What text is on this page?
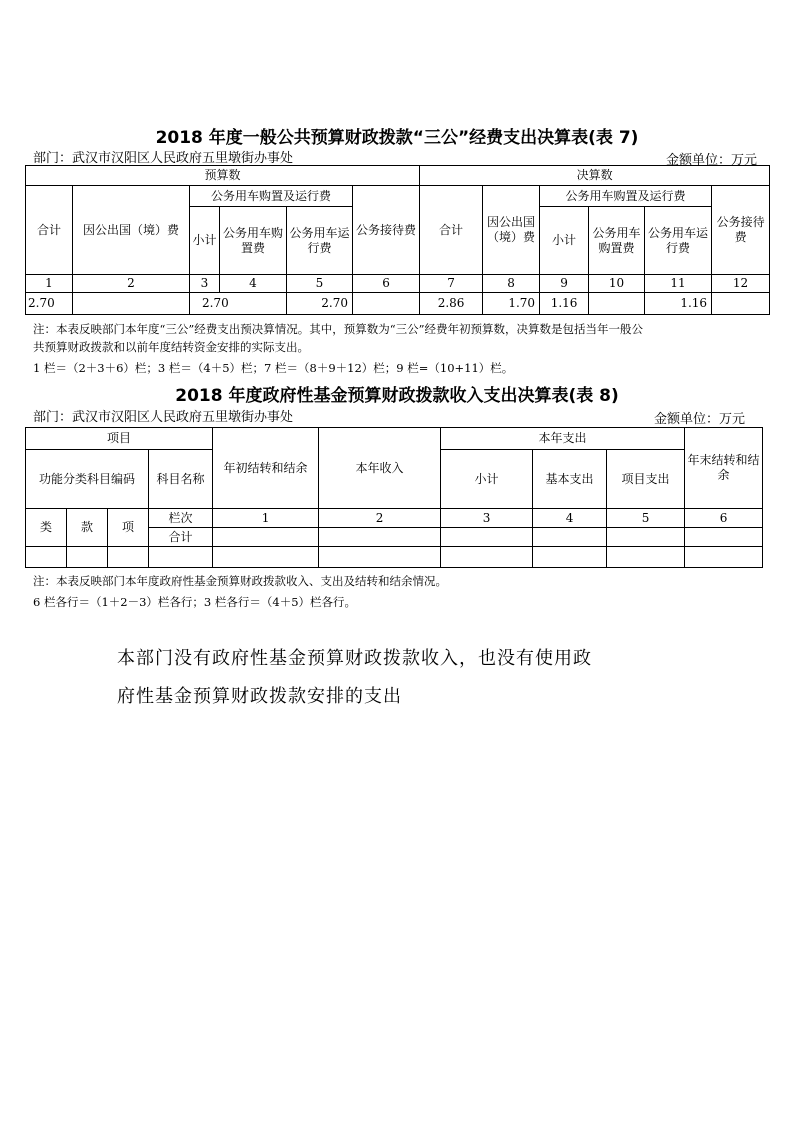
2018 年度一般公共预算财政拨款“三公”经费支出决算表(表 7)
部门：武汉市汉阳区人民政府五里墩街办事处	金额单位：万元
预算数						决算数					
合计	因公出国（境）费	公务用车购置及运行费			公务接待费	合计	因公出国（境）费	公务用车购置及运行费			公务接待费
		小计	公务用车购置费	公务用车运行费				小计	公务用车购置费	公务用车运行费	
1	2	3	4	5	6	7	8	9	10	11	12
2.70		2.70		2.70		2.86	1.70	1.16		1.16	
注：本表反映部门本年度“三公”经费支出预决算情况。其中，预算数为“三公”经费年初预算数，决算数是包括当年一般公
共预算财政拨款和以前年度结转资金安排的实际支出。
1 栏＝（2＋3＋6）栏；3 栏＝（4＋5）栏；7 栏＝（8＋9＋12）栏；9 栏=（10+11）栏。
2018 年度政府性基金预算财政拨款收入支出决算表(表 8)
部门：武汉市汉阳区人民政府五里墩街办事处	金额单位：万元
项目				年初结转和结余	本年收入	本年支出			年末结转和结余
功能分类科目编码			科目名称			小计	基本支出	项目支出	
类	款	项	栏次	1	2	3	4	5	6
			合计						

注：本表反映部门本年度政府性基金预算财政拨款收入、支出及结转和结余情况。
6 栏各行＝（1＋2－3）栏各行；3 栏各行＝（4＋5）栏各行。
本部门没有政府性基金预算财政拨款收入，也没有使用政
府性基金预算财政拨款安排的支出
